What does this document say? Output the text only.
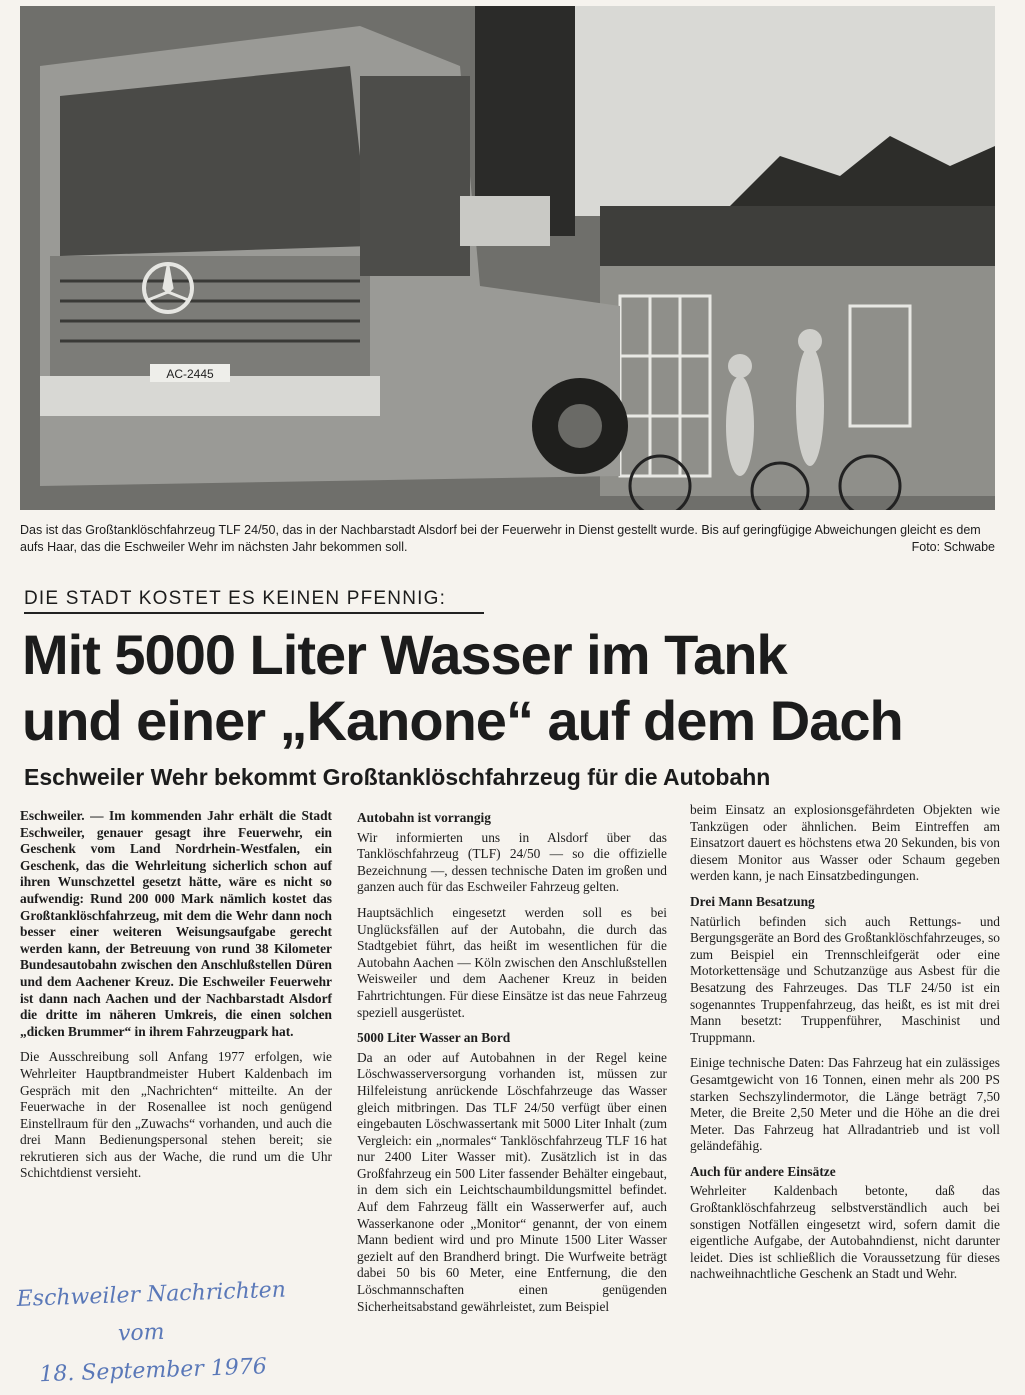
AC-2445
Das ist das Großtanklöschfahrzeug TLF 24/50, das in der Nachbarstadt Alsdorf bei der Feuerwehr in Dienst gestellt wurde. Bis auf geringfügige Abweichungen gleicht es dem aufs Haar, das die Eschweiler Wehr im nächsten Jahr bekommen soll.	Foto: Schwabe
DIE STADT KOSTET ES KEINEN PFENNIG:
Mit 5000 Liter Wasser im Tank
und einer „Kanone“ auf dem Dach
Eschweiler Wehr bekommt Großtanklöschfahrzeug für die Autobahn

Eschweiler. — Im kommenden Jahr erhält die Stadt Eschweiler, genauer gesagt ihre Feuerwehr, ein Geschenk vom Land Nordrhein-Westfalen, ein Geschenk, das die Wehrleitung sicherlich schon auf ihren Wunschzettel gesetzt hätte, wäre es nicht so aufwendig: Rund 200 000 Mark nämlich kostet das Großtanklöschfahrzeug, mit dem die Wehr dann noch besser einer weiteren Weisungsaufgabe gerecht werden kann, der Betreuung von rund 38 Kilometer Bundesautobahn zwischen den Anschlußstellen Düren und dem Aachener Kreuz. Die Eschweiler Feuerwehr ist dann nach Aachen und der Nachbarstadt Alsdorf die dritte im näheren Umkreis, die einen solchen „dicken Brummer“ in ihrem Fahrzeugpark hat.

Die Ausschreibung soll Anfang 1977 erfolgen, wie Wehrleiter Hauptbrandmeister Hubert Kaldenbach im Gespräch mit den „Nachrichten“ mitteilte. An der Feuerwache in der Rosenallee ist noch genügend Einstellraum für den „Zuwachs“ vorhanden, und auch die drei Mann Bedienungspersonal stehen bereit; sie rekrutieren sich aus der Wache, die rund um die Uhr Schichtdienst versieht.

Autobahn ist vorrangig

Wir informierten uns in Alsdorf über das Tanklöschfahrzeug (TLF) 24/50 — so die offizielle Bezeichnung —, dessen technische Daten im großen und ganzen auch für das Eschweiler Fahrzeug gelten.

Hauptsächlich eingesetzt werden soll es bei Unglücksfällen auf der Autobahn, die durch das Stadtgebiet führt, das heißt im wesentlichen für die Autobahn Aachen — Köln zwischen den Anschlußstellen Weisweiler und dem Aachener Kreuz in beiden Fahrtrichtungen. Für diese Einsätze ist das neue Fahrzeug speziell ausgerüstet.

5000 Liter Wasser an Bord

Da an oder auf Autobahnen in der Regel keine Löschwasserversorgung vorhanden ist, müssen zur Hilfeleistung anrückende Löschfahrzeuge das Wasser gleich mitbringen. Das TLF 24/50 verfügt über einen eingebauten Löschwassertank mit 5000 Liter Inhalt (zum Vergleich: ein „normales“ Tanklöschfahrzeug TLF 16 hat nur 2400 Liter Wasser mit). Zusätzlich ist in das Großfahrzeug ein 500 Liter fassender Behälter eingebaut, in dem sich ein Leichtschaumbildungsmittel befindet. Auf dem Fahrzeug fällt ein Wasserwerfer auf, auch Wasserkanone oder „Monitor“ genannt, der von einem Mann bedient wird und pro Minute 1500 Liter Wasser gezielt auf den Brandherd bringt. Die Wurfweite beträgt dabei 50 bis 60 Meter, eine Entfernung, die den Löschmannschaften einen genügenden Sicherheitsabstand gewährleistet, zum Beispiel

beim Einsatz an explosionsgefährdeten Objekten wie Tankzügen oder ähnlichen. Beim Eintreffen am Einsatzort dauert es höchstens etwa 20 Sekunden, bis von diesem Monitor aus Wasser oder Schaum gegeben werden kann, je nach Einsatzbedingungen.

Drei Mann Besatzung

Natürlich befinden sich auch Rettungs- und Bergungsgeräte an Bord des Großtanklöschfahrzeuges, so zum Beispiel ein Trennschleifgerät oder eine Motorkettensäge und Schutzanzüge aus Asbest für die Besatzung des Fahrzeuges. Das TLF 24/50 ist ein sogenanntes Truppenfahrzeug, das heißt, es ist mit drei Mann besetzt: Truppenführer, Maschinist und Truppmann.

Einige technische Daten: Das Fahrzeug hat ein zulässiges Gesamtgewicht von 16 Tonnen, einen mehr als 200 PS starken Sechszylindermotor, die Länge beträgt 7,50 Meter, die Breite 2,50 Meter und die Höhe an die drei Meter. Das Fahrzeug hat Allradantrieb und ist voll geländefähig.

Auch für andere Einsätze

Wehrleiter Kaldenbach betonte, daß das Großtanklöschfahrzeug selbstverständlich auch bei sonstigen Notfällen eingesetzt wird, sofern damit die eigentliche Aufgabe, der Autobahndienst, nicht darunter leidet. Dies ist schließlich die Voraussetzung für dieses nachweihnachtliche Geschenk an Stadt und Wehr.

Eschweiler Nachrichten
vom
18. September 1976
